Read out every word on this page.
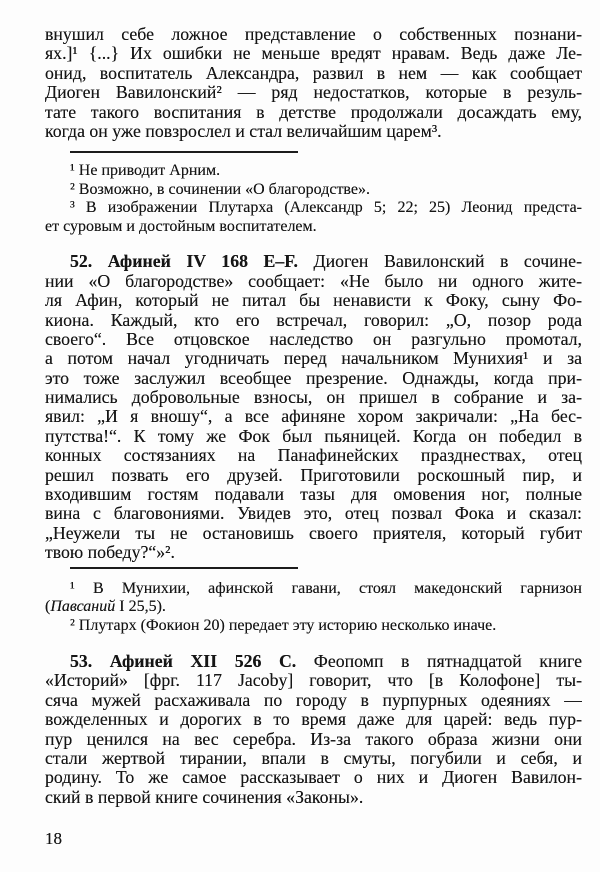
внушил себе ложное представление о собственных познани-
ях.]¹ {...} Их ошибки не меньше вредят нравам. Ведь даже Ле-
онид, воспитатель Александра, развил в нем — как сообщает
Диоген Вавилонский² — ряд недостатков, которые в резуль-
тате такого воспитания в детстве продолжали досаждать ему,
когда он уже повзрослел и стал величайшим царем³.
¹ Не приводит Арним.
² Возможно, в сочинении «О благородстве».
³ В изображении Плутарха (Александр 5; 22; 25) Леонид предста-
ет суровым и достойным воспитателем.
52. Афиней IV 168 E–F. Диоген Вавилонский в сочине-
нии «О благородстве» сообщает: «Не было ни одного жите-
ля Афин, который не питал бы ненависти к Фоку, сыну Фо-
киона. Каждый, кто его встречал, говорил: „О, позор рода
своего“. Все отцовское наследство он разгульно промотал,
а потом начал угодничать перед начальником Мунихия¹ и за
это тоже заслужил всеобщее презрение. Однажды, когда при-
нимались добровольные взносы, он пришел в собрание и за-
явил: „И я вношу“, а все афиняне хором закричали: „На бес-
путства!“. К тому же Фок был пьяницей. Когда он победил в
конных состязаниях на Панафинейских празднествах, отец
решил позвать его друзей. Приготовили роскошный пир, и
входившим гостям подавали тазы для омовения ног, полные
вина с благовониями. Увидев это, отец позвал Фока и сказал:
„Неужели ты не остановишь своего приятеля, который губит
твою победу?“»².
¹ В Мунихии, афинской гавани, стоял македонский гарнизон
(Павсаний I 25,5).
² Плутарх (Фокион 20) передает эту историю несколько иначе.
53. Афиней XII 526 C. Феопомп в пятнадцатой книге
«Историй» [фрг. 117 Jacoby] говорит, что [в Колофоне] ты-
сяча мужей расхаживала по городу в пурпурных одеяниях —
вожделенных и дорогих в то время даже для царей: ведь пур-
пур ценился на вес серебра. Из-за такого образа жизни они
стали жертвой тирании, впали в смуты, погубили и себя, и
родину. То же самое рассказывает о них и Диоген Вавилон-
ский в первой книге сочинения «Законы».
18
